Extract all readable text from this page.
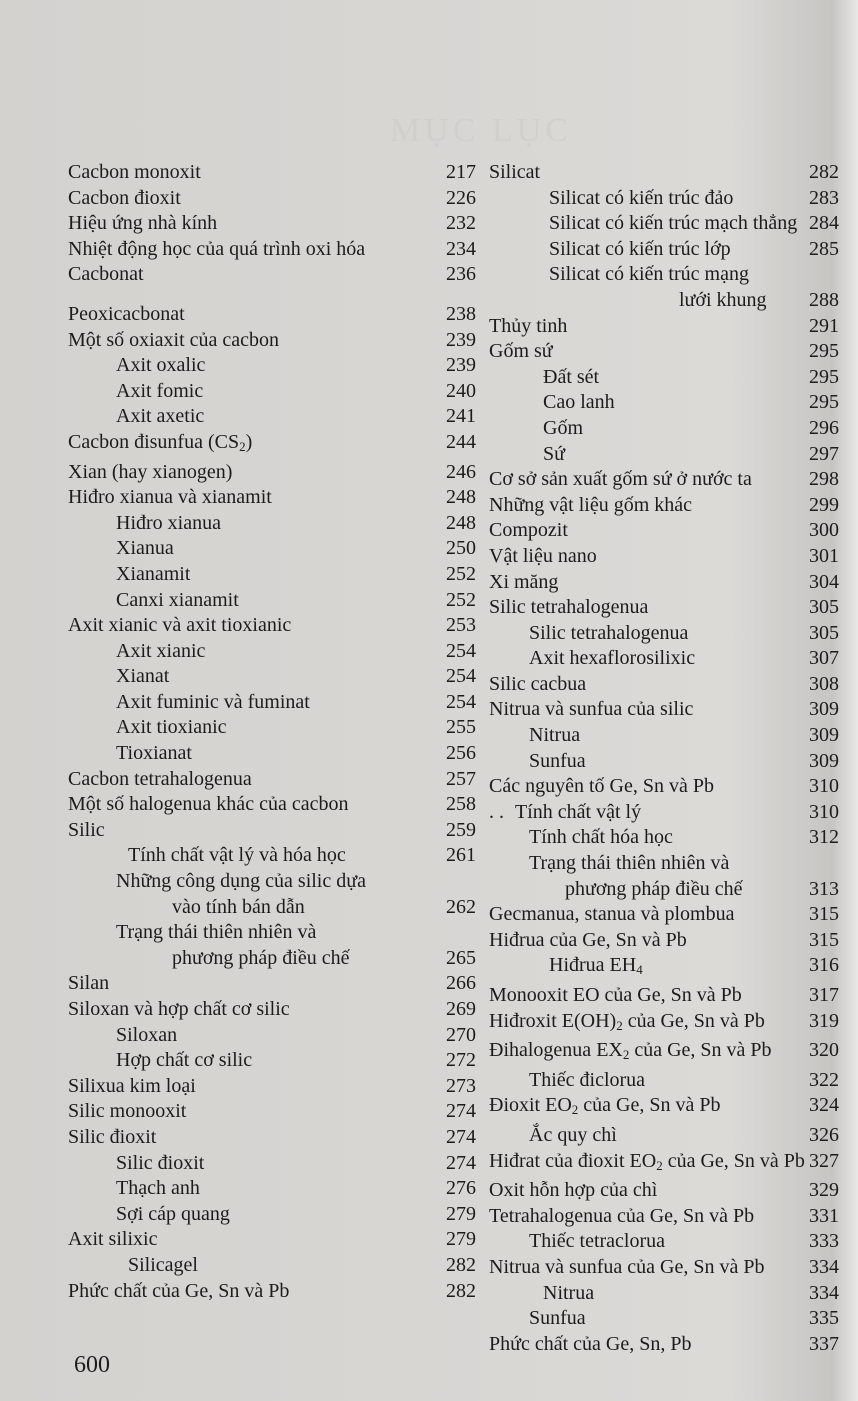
MỤC LỤC
Cacbon monoxit	217
Cacbon đioxit	226
Hiệu ứng nhà kính	232
Nhiệt động học của quá trình oxi hóa	234
Cacbonat	236
Peoxicacbonat	238
Một số oxiaxit của cacbon	239
Axit oxalic	239
Axit fomic	240
Axit axetic	241
Cacbon đisunfua $(CS_2)$	244
Xian (hay xianogen)	246
Hiđro xianua và xianamit	248
Hiđro xianua	248
Xianua	250
Xianamit	252
Canxi xianamit	252
Axit xianic và axit tioxianic	253
Axit xianic	254
Xianat	254
Axit fuminic và fuminat	254
Axit tioxianic	255
Tioxianat	256
Cacbon tetrahalogenua	257
Một số halogenua khác của cacbon	258
Silic	259
Tính chất vật lý và hóa học	261
Những công dụng của silic dựa
vào tính bán dẫn	262
Trạng thái thiên nhiên và
phương pháp điều chế	265
Silan	266
Siloxan và hợp chất cơ silic	269
Siloxan	270
Hợp chất cơ silic	272
Silixua kim loại	273
Silic monooxit	274
Silic đioxit	274
Silic đioxit	274
Thạch anh	276
Sợi cáp quang	279
Axit silixic	279
Silicagel	282
Phức chất của Ge, Sn và Pb	282
Silicat	282
Silicat có kiến trúc đảo	283
Silicat có kiến trúc mạch thẳng 284
Silicat có kiến trúc lớp	285
Silicat có kiến trúc mạng
lưới khung	288
Thủy tinh	291
Gốm sứ	295
Đất sét	295
Cao lanh	295
Gốm	296
Sứ	297
Cơ sở sản xuất gốm sứ ở nước ta	298
Những vật liệu gốm khác	299
Compozit	300
Vật liệu nano	301
Xi măng	304
Silic tetrahalogenua	305
Silic tetrahalogenua	305
Axit hexaflorosilixic	307
Silic cacbua	308
Nitrua và sunfua của silic	309
Nitrua	309
Sunfua	309
Các nguyên tố Ge, Sn và Pb	310
. . Tính chất vật lý	310
Tính chất hóa học	312
Trạng thái thiên nhiên và
phương pháp điều chế	313
Gecmanua, stanua và plombua	315
Hiđrua của Ge, Sn và Pb	315
Hiđrua $EH_4$	316
Monooxit EO của Ge, Sn và Pb	317
Hiđroxit $E(OH)_2$ của Ge, Sn và Pb	319
Đihalogenua $EX_2$ của Ge, Sn và Pb	320
Thiếc điclorua	322
Đioxit $EO_2$ của Ge, Sn và Pb	324
Ắc quy chì	326
Hiđrat của đioxit $EO_2$ của Ge, Sn và Pb 327
Oxit hỗn hợp của chì	329
Tetrahalogenua của Ge, Sn và Pb	331
Thiếc tetraclorua	333
Nitrua và sunfua của Ge, Sn và Pb	334
Nitrua	334
Sunfua	335
Phức chất của Ge, Sn, Pb	337
600
